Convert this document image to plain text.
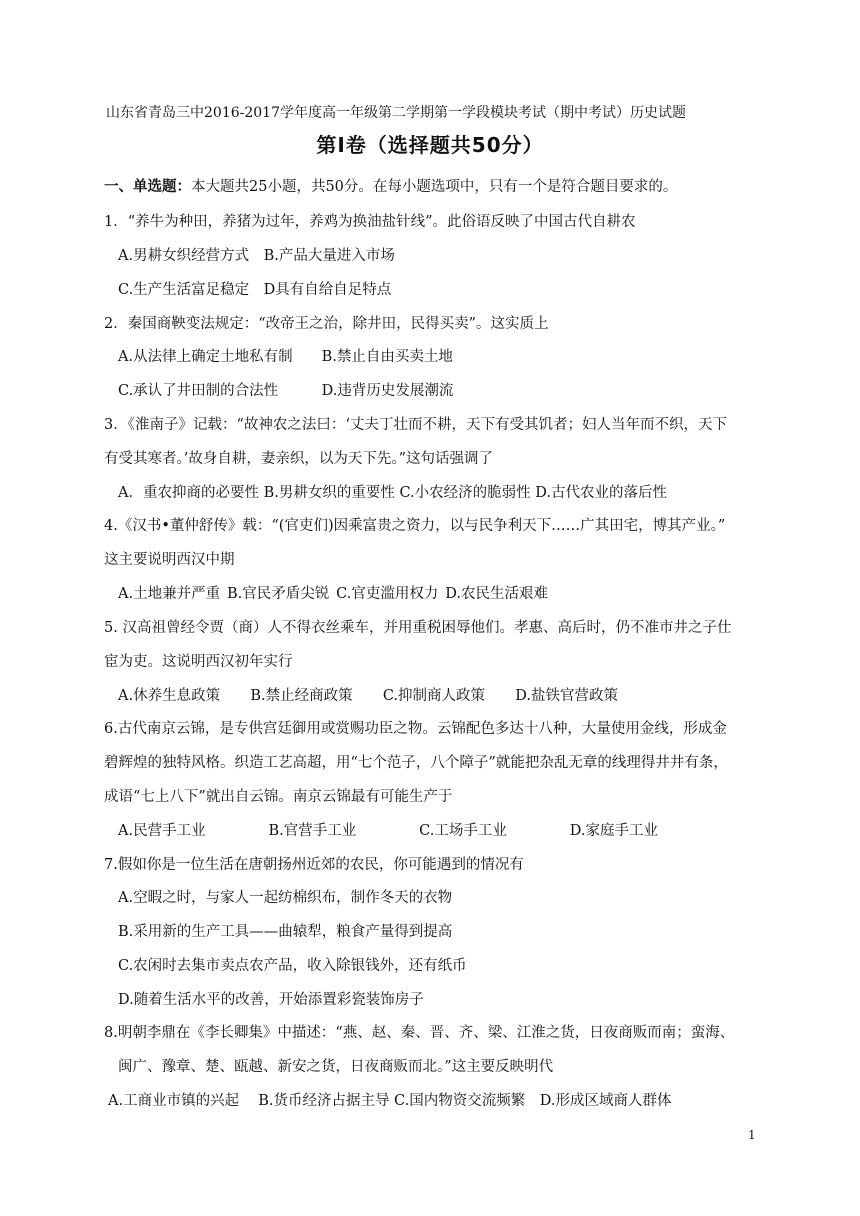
山东省青岛三中2016-2017学年度高一年级第二学期第一学段模块考试（期中考试）历史试题
第Ⅰ卷（选择题共50分）
一、单选题：本大题共25小题，共50分。在每小题选项中，只有一个是符合题目要求的。
1．“养牛为种田，养猪为过年，养鸡为换油盐针线”。此俗语反映了中国古代自耕农
A.男耕女织经营方式　B.产品大量进入市场
C.生产生活富足稳定　D具有自给自足特点
2．秦国商鞅变法规定：“改帝王之治，除井田，民得买卖”。这实质上
A.从法律上确定土地私有制　　B.禁止自由买卖土地
C.承认了井田制的合法性　　　D.违背历史发展潮流
3．《淮南子》记载：“故神农之法曰：‘丈夫丁壮而不耕，天下有受其饥者；妇人当年而不织，天下
有受其寒者。’故身自耕，妻亲织，以为天下先。”这句话强调了
A．重农抑商的必要性 B.男耕女织的重要性 C.小农经济的脆弱性 D.古代农业的落后性
4.《汉书•董仲舒传》载：“(官吏们)因乘富贵之资力，以与民争利天下……广其田宅，博其产业。”
这主要说明西汉中期
A.土地兼并严重 B.官民矛盾尖锐 C.官吏滥用权力 D.农民生活艰难
5. 汉高祖曾经令贾（商）人不得衣丝乘车，并用重税困辱他们。孝惠、高后时，仍不准市井之子仕
宦为吏。这说明西汉初年实行
A.休养生息政策 B.禁止经商政策 C.抑制商人政策 D.盐铁官营政策
6.古代南京云锦，是专供宫廷御用或赏赐功臣之物。云锦配色多达十八种，大量使用金线，形成金
碧辉煌的独特风格。织造工艺高超，用“七个范子，八个障子”就能把杂乱无章的线理得井井有条，
成语“七上八下”就出自云锦。南京云锦最有可能生产于
A.民营手工业	B.官营手工业	C.工场手工业	D.家庭手工业
7.假如你是一位生活在唐朝扬州近郊的农民，你可能遇到的情况有
A.空暇之时，与家人一起纺棉织布，制作冬天的衣物
B.采用新的生产工具——曲辕犁，粮食产量得到提高
C.农闲时去集市卖点农产品，收入除银钱外，还有纸币
D.随着生活水平的改善，开始添置彩瓷装饰房子
8.明朝李鼎在《李长卿集》中描述：“燕、赵、秦、晋、齐、梁、江淮之货，日夜商贩而南；蛮海、
闽广、豫章、楚、瓯越、新安之货，日夜商贩而北。”这主要反映明代
A.工商业市镇的兴起　 B.货币经济占据主导 C.国内物资交流频繁　D.形成区域商人群体
1
